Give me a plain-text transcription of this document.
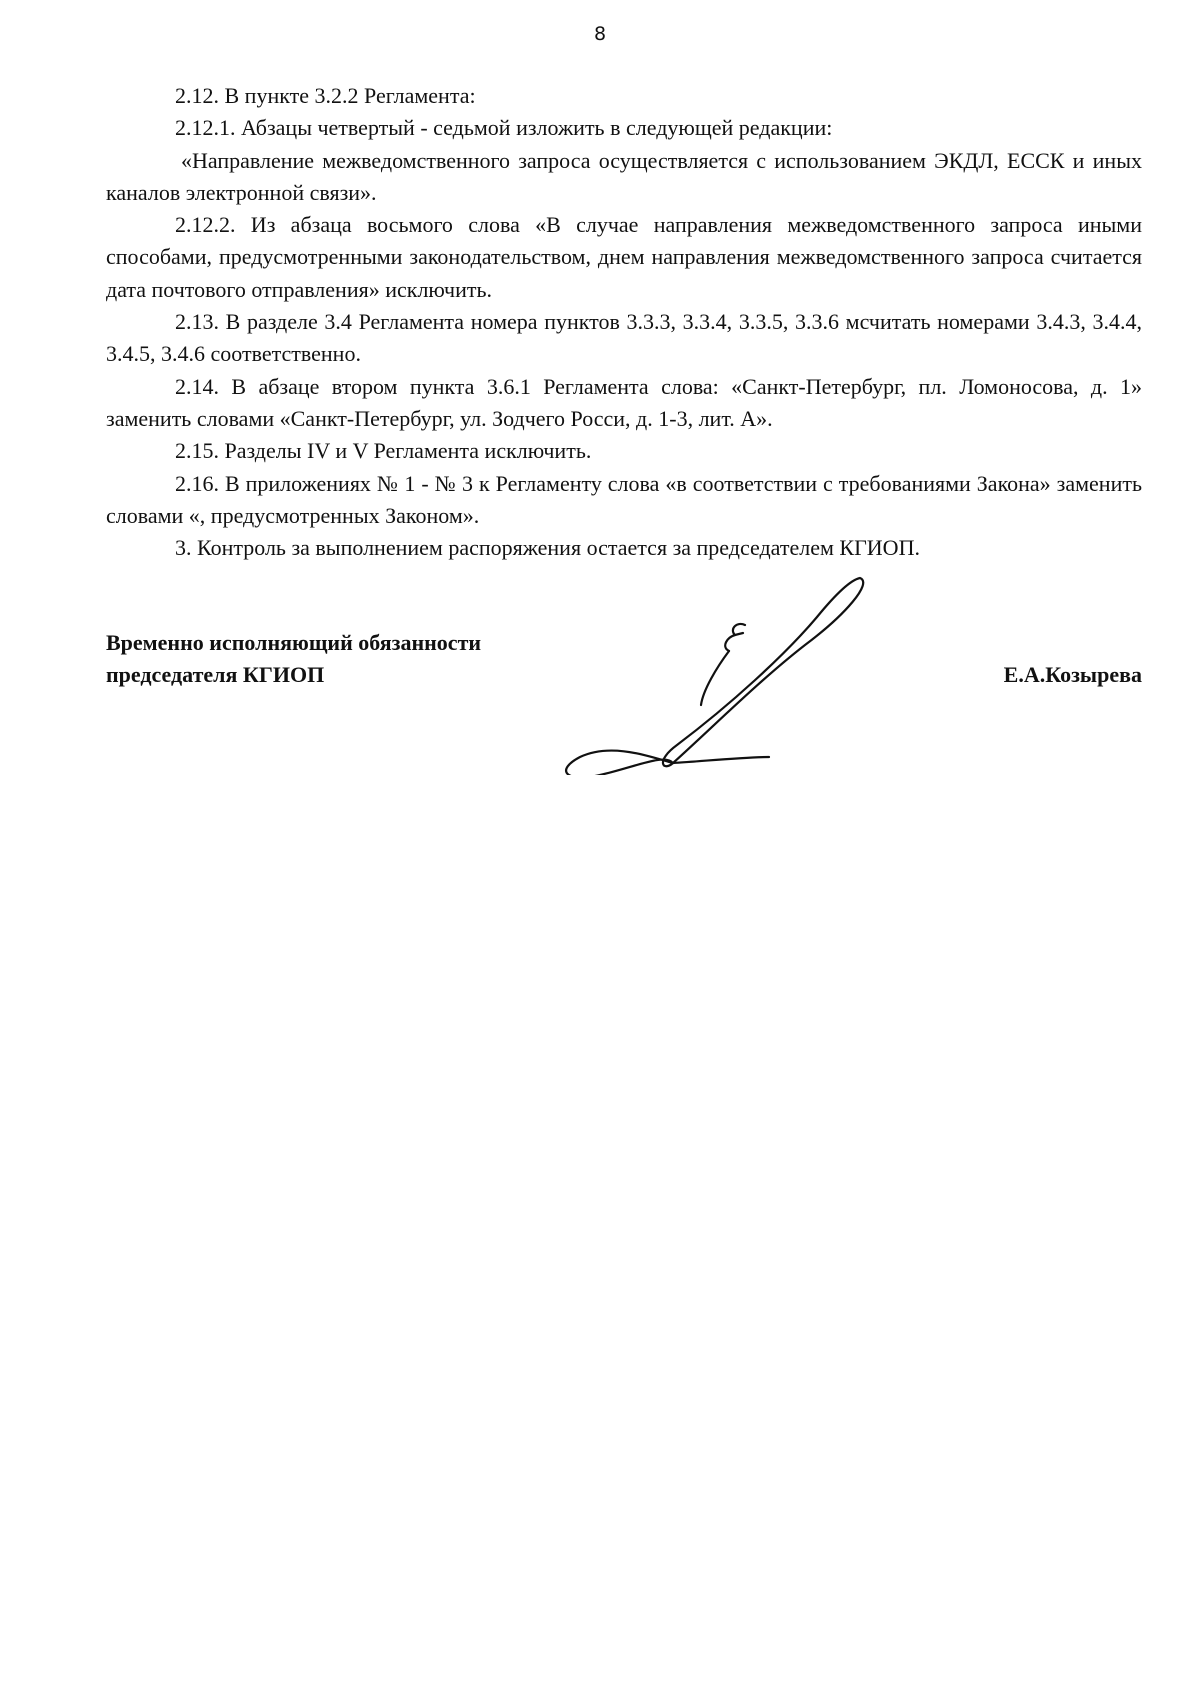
8

2.12. В пункте 3.2.2 Регламента:

2.12.1. Абзацы четвертый - седьмой изложить в следующей редакции:

«Направление межведомственного запроса осуществляется с использованием ЭКДЛ, ЕССК и иных каналов электронной связи».

2.12.2. Из абзаца восьмого слова «В случае направления межведомственного запроса иными способами, предусмотренными законодательством, днем направления межведомственного запроса считается дата почтового отправления» исключить.

2.13. В разделе 3.4 Регламента номера пунктов 3.3.3, 3.3.4, 3.3.5, 3.3.6 мсчитать номерами 3.4.3, 3.4.4, 3.4.5, 3.4.6 соответственно.

2.14. В абзаце втором пункта 3.6.1 Регламента слова: «Санкт-Петербург, пл. Ломоносова, д. 1» заменить словами «Санкт-Петербург, ул. Зодчего Росси, д. 1-3, лит. А».

2.15. Разделы IV и V Регламента исключить.

2.16. В приложениях № 1 - № 3 к Регламенту слова «в соответствии с требованиями Закона» заменить словами «, предусмотренных Законом».

3. Контроль за выполнением распоряжения остается за председателем КГИОП.

Временно исполняющий обязанности
председателя КГИОП	Е.А.Козырева
